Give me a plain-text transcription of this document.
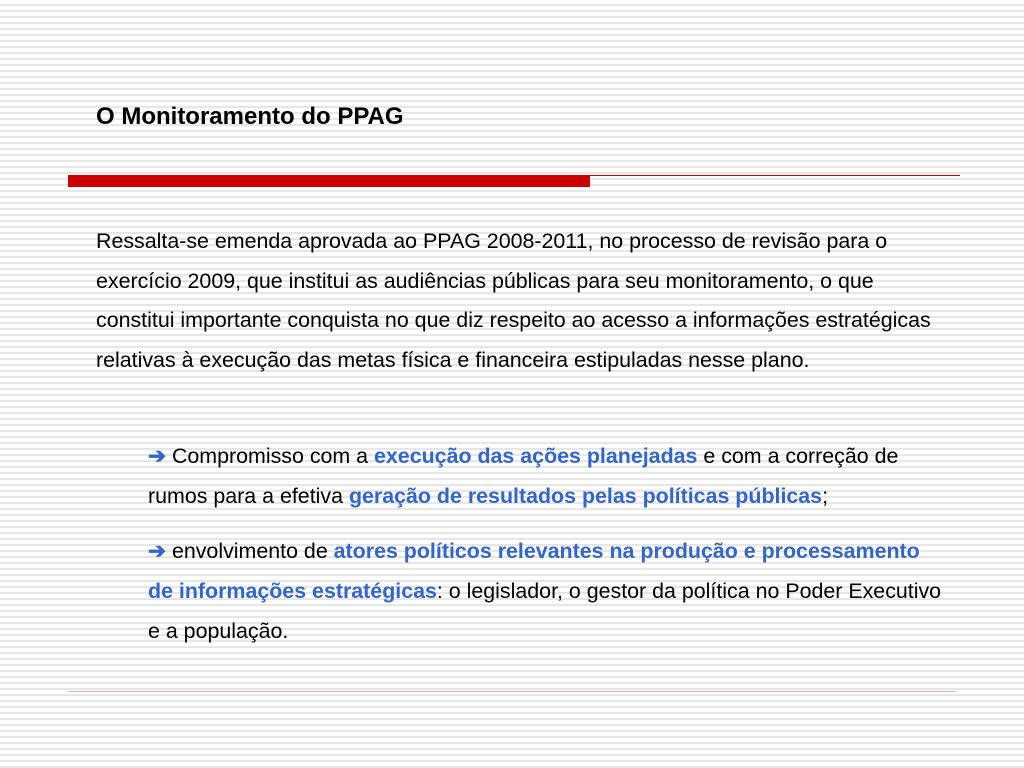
O Monitoramento do PPAG

Ressalta-se emenda aprovada ao PPAG 2008-2011, no processo de revisão para o exercício 2009, que institui as audiências públicas para seu monitoramento, o que constitui importante conquista no que diz respeito ao acesso a informações estratégicas relativas à execução das metas física e financeira estipuladas nesse plano.

➔ Compromisso com a execução das ações planejadas e com a correção de rumos para a efetiva geração de resultados pelas políticas públicas;
➔ envolvimento de atores políticos relevantes na produção e processamento de informações estratégicas: o legislador, o gestor da política no Poder Executivo e a população.
